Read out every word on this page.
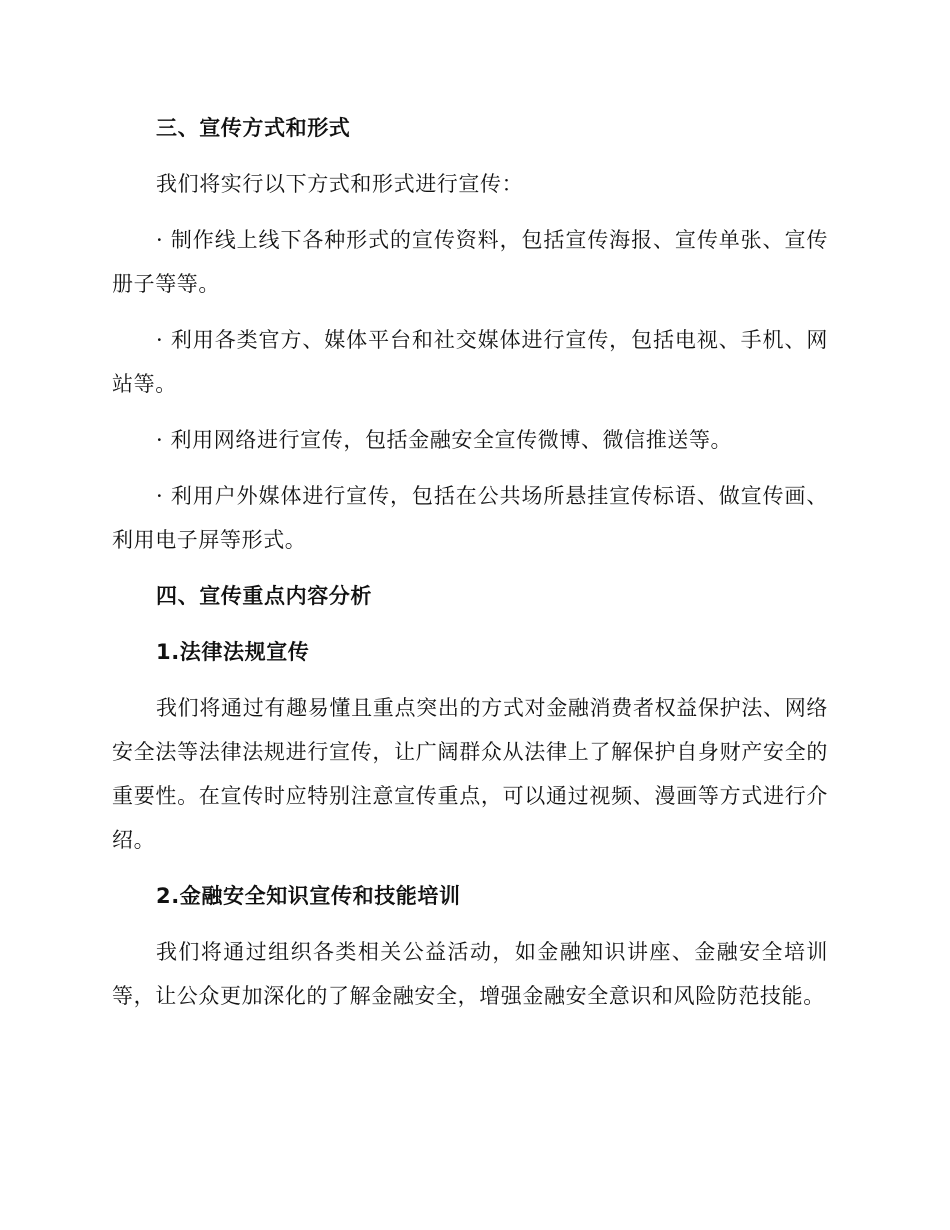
三、宣传方式和形式

我们将实行以下方式和形式进行宣传：

· 制作线上线下各种形式的宣传资料，包括宣传海报、宣传单张、宣传册子等等。

· 利用各类官方、媒体平台和社交媒体进行宣传，包括电视、手机、网站等。

· 利用网络进行宣传，包括金融安全宣传微博、微信推送等。

· 利用户外媒体进行宣传，包括在公共场所悬挂宣传标语、做宣传画、利用电子屏等形式。

四、宣传重点内容分析

1.法律法规宣传

我们将通过有趣易懂且重点突出的方式对金融消费者权益保护法、网络安全法等法律法规进行宣传，让广阔群众从法律上了解保护自身财产安全的重要性。在宣传时应特别注意宣传重点，可以通过视频、漫画等方式进行介绍。

2.金融安全知识宣传和技能培训

我们将通过组织各类相关公益活动，如金融知识讲座、金融安全培训等，让公众更加深化的了解金融安全，增强金融安全意识和风险防范技能。
